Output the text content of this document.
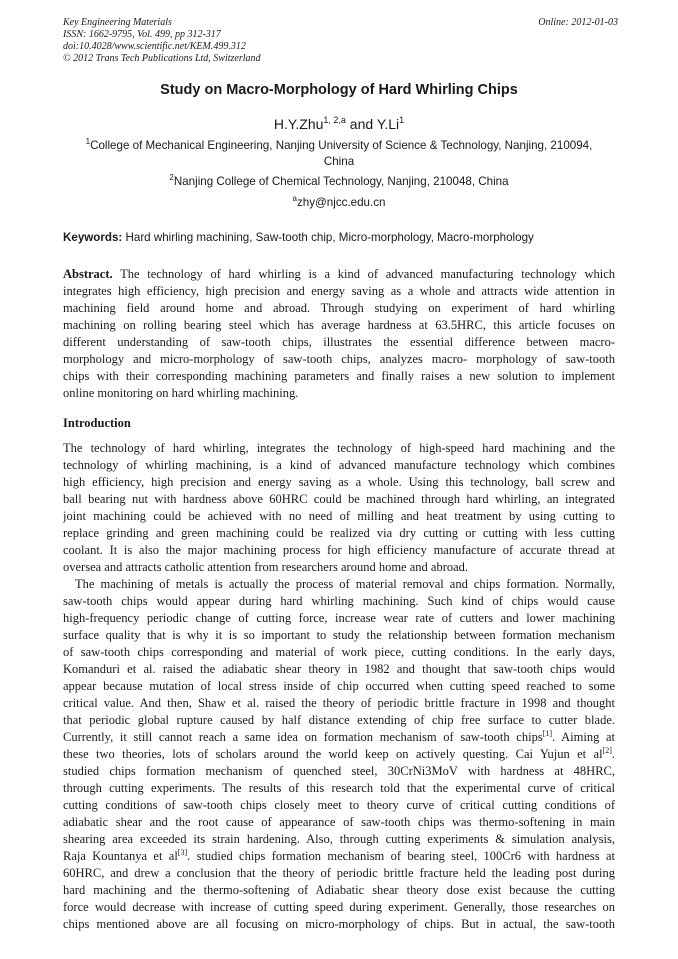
Key Engineering Materials
ISSN: 1662-9795, Vol. 499, pp 312-317
doi:10.4028/www.scientific.net/KEM.499.312
© 2012 Trans Tech Publications Ltd, Switzerland
Online: 2012-01-03
Study on Macro-Morphology of Hard Whirling Chips
H.Y.Zhu$^{1, 2,a}$ and Y.Li$^1$
$^1$College of Mechanical Engineering, Nanjing University of Science & Technology, Nanjing, 210094,
China
$^2$Nanjing College of Chemical Technology, Nanjing, 210048, China
$^a$zhy@njcc.edu.cn
Keywords: Hard whirling machining, Saw-tooth chip, Micro-morphology, Macro-morphology
Abstract. The technology of hard whirling is a kind of advanced manufacturing technology which
integrates high efficiency, high precision and energy saving as a whole and attracts wide attention in
machining field around home and abroad. Through studying on experiment of hard whirling
machining on rolling bearing steel which has average hardness at 63.5HRC, this article focuses on
different understanding of saw-tooth chips, illustrates the essential difference between macro-
morphology and micro-morphology of saw-tooth chips, analyzes macro- morphology of saw-tooth
chips with their corresponding machining parameters and finally raises a new solution to implement
online monitoring on hard whirling machining.
Introduction
The technology of hard whirling, integrates the technology of high-speed hard machining and the
technology of whirling machining, is a kind of advanced manufacture technology which combines
high efficiency, high precision and energy saving as a whole. Using this technology, ball screw and
ball bearing nut with hardness above 60HRC could be machined through hard whirling, an integrated
joint machining could be achieved with no need of milling and heat treatment by using cutting to
replace grinding and green machining could be realized via dry cutting or cutting with less cutting
coolant. It is also the major machining process for high efficiency manufacture of accurate thread at
oversea and attracts catholic attention from researchers around home and abroad.
The machining of metals is actually the process of material removal and chips formation. Normally,
saw-tooth chips would appear during hard whirling machining. Such kind of chips would cause
high-frequency periodic change of cutting force, increase wear rate of cutters and lower machining
surface quality that is why it is so important to study the relationship between formation mechanism
of saw-tooth chips corresponding and material of work piece, cutting conditions. In the early days,
Komanduri et al. raised the adiabatic shear theory in 1982 and thought that saw-tooth chips would
appear because mutation of local stress inside of chip occurred when cutting speed reached to some
critical value. And then, Shaw et al. raised the theory of periodic brittle fracture in 1998 and thought
that periodic global rupture caused by half distance extending of chip free surface to cutter blade.
Currently, it still cannot reach a same idea on formation mechanism of saw-tooth chips[1]. Aiming at
these two theories, lots of scholars around the world keep on actively questing. Cai Yujun et al[2].
studied chips formation mechanism of quenched steel, 30CrNi3MoV with hardness at 48HRC,
through cutting experiments. The results of this research told that the experimental curve of critical
cutting conditions of saw-tooth chips closely meet to theory curve of critical cutting conditions of
adiabatic shear and the root cause of appearance of saw-tooth chips was thermo-softening in main
shearing area exceeded its strain hardening. Also, through cutting experiments & simulation analysis,
Raja Kountanya et al[3]. studied chips formation mechanism of bearing steel, 100Cr6 with hardness at
60HRC, and drew a conclusion that the theory of periodic brittle fracture held the leading post during
hard machining and the thermo-softening of Adiabatic shear theory dose exist because the cutting
force would decrease with increase of cutting speed during experiment. Generally, those researches on
chips mentioned above are all focusing on micro-morphology of chips. But in actual, the saw-tooth
